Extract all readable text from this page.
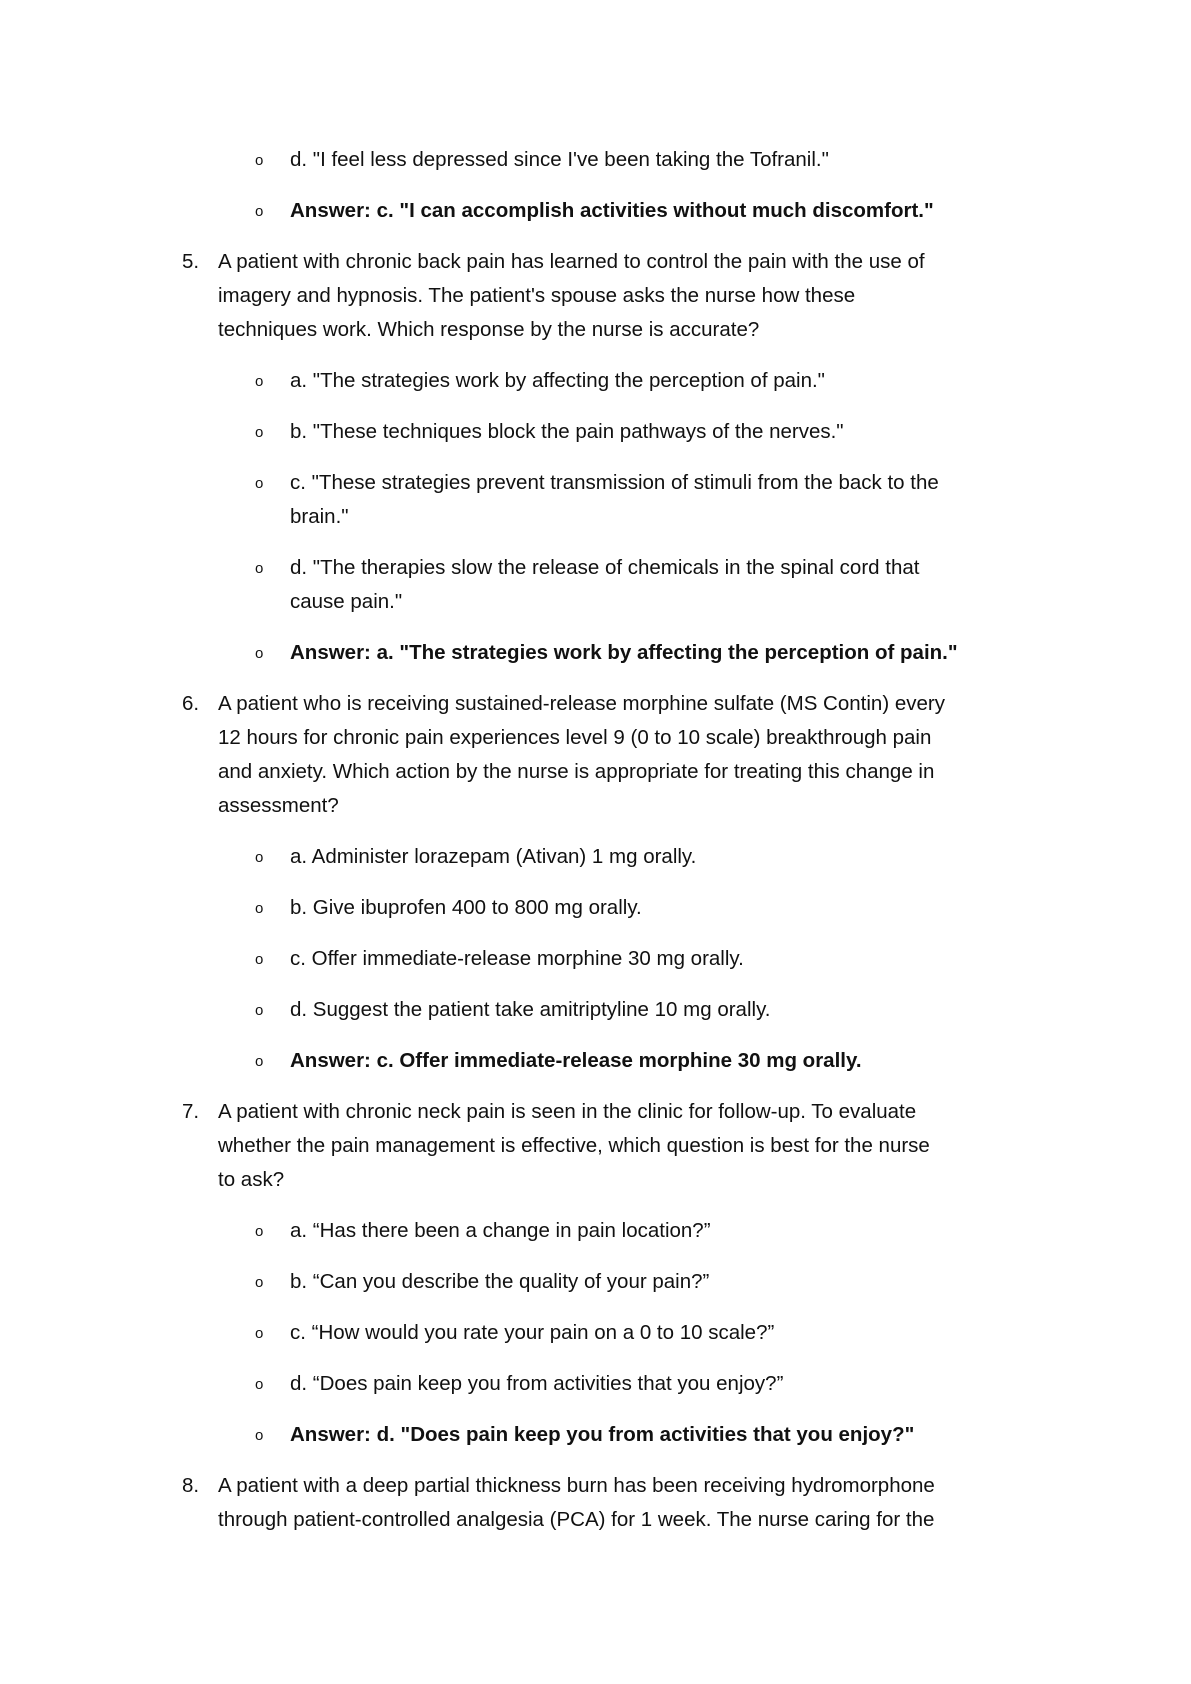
o d. "I feel less depressed since I've been taking the Tofranil."
o Answer: c. "I can accomplish activities without much discomfort."
5. A patient with chronic back pain has learned to control the pain with the use of
imagery and hypnosis. The patient's spouse asks the nurse how these
techniques work. Which response by the nurse is accurate?
o a. "The strategies work by affecting the perception of pain."
o b. "These techniques block the pain pathways of the nerves."
o c. "These strategies prevent transmission of stimuli from the back to the
brain."
o d. "The therapies slow the release of chemicals in the spinal cord that
cause pain."
o Answer: a. "The strategies work by affecting the perception of pain."
6. A patient who is receiving sustained-release morphine sulfate (MS Contin) every
12 hours for chronic pain experiences level 9 (0 to 10 scale) breakthrough pain
and anxiety. Which action by the nurse is appropriate for treating this change in
assessment?
o a. Administer lorazepam (Ativan) 1 mg orally.
o b. Give ibuprofen 400 to 800 mg orally.
o c. Offer immediate-release morphine 30 mg orally.
o d. Suggest the patient take amitriptyline 10 mg orally.
o Answer: c. Offer immediate-release morphine 30 mg orally.
7. A patient with chronic neck pain is seen in the clinic for follow-up. To evaluate
whether the pain management is effective, which question is best for the nurse
to ask?
o a. “Has there been a change in pain location?”
o b. “Can you describe the quality of your pain?”
o c. “How would you rate your pain on a 0 to 10 scale?”
o d. “Does pain keep you from activities that you enjoy?”
o Answer: d. "Does pain keep you from activities that you enjoy?"
8. A patient with a deep partial thickness burn has been receiving hydromorphone
through patient-controlled analgesia (PCA) for 1 week. The nurse caring for the
